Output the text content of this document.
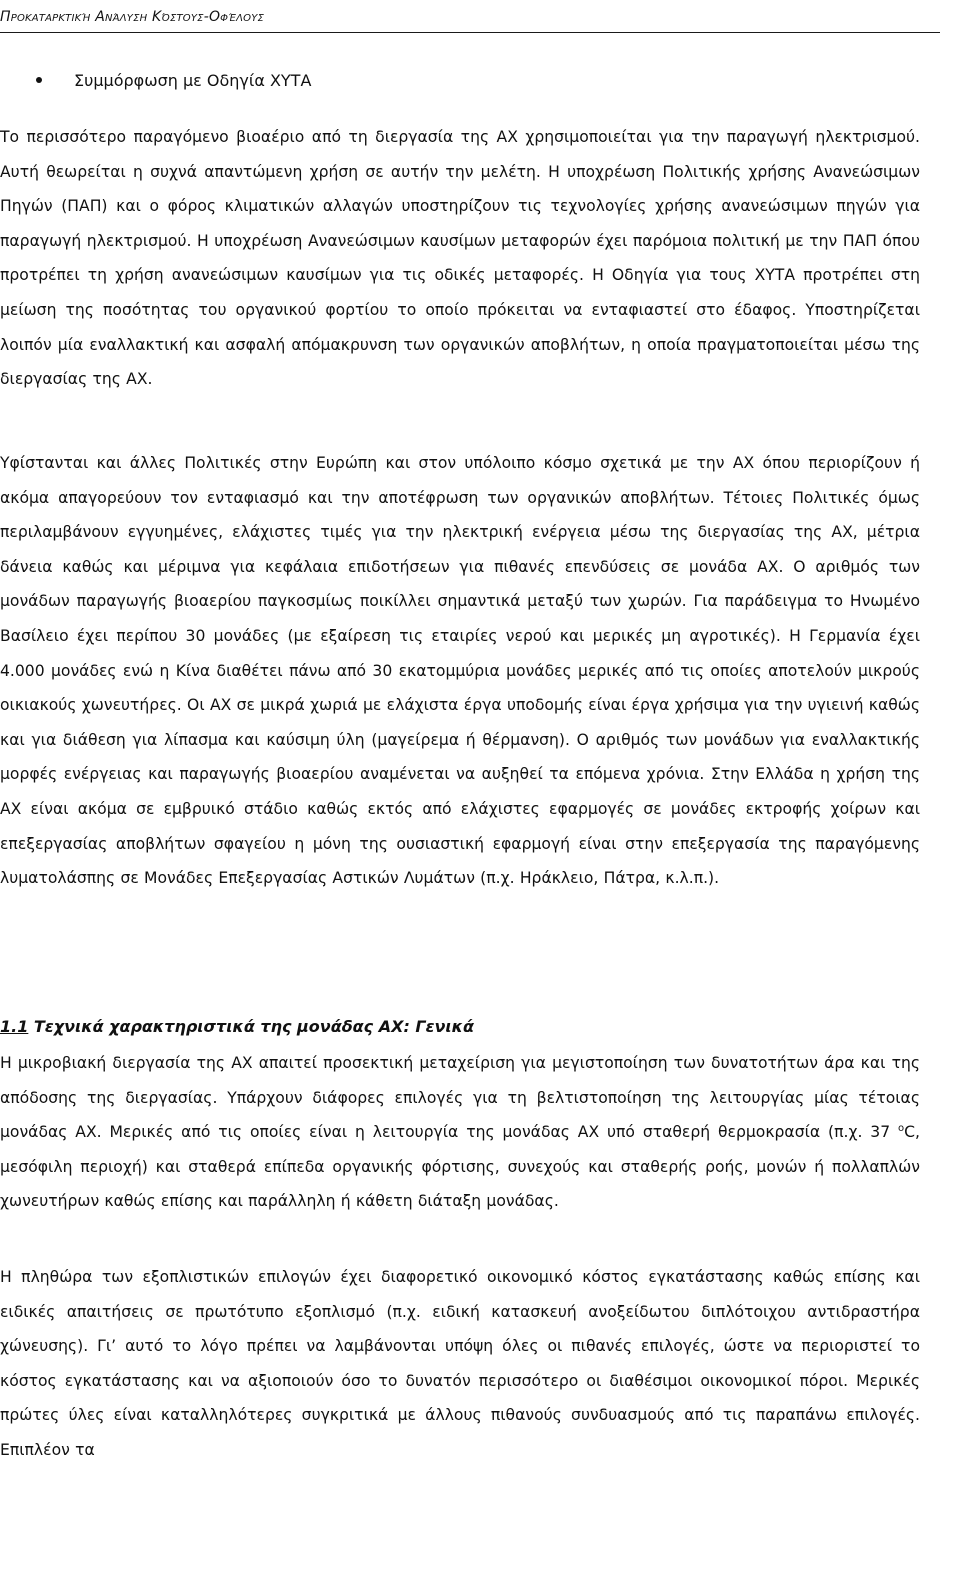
Προκαταρκτική Ανάλυση Κόστους-Οφέλους
Συμμόρφωση με Οδηγία ΧΥΤΑ

Το περισσότερο παραγόμενο βιοαέριο από τη διεργασία της ΑΧ χρησιμοποιείται για την παραγωγή ηλεκτρισμού. Αυτή θεωρείται η συχνά απαντώμενη χρήση σε αυτήν την μελέτη. Η υποχρέωση Πολιτικής χρήσης Ανανεώσιμων Πηγών (ΠΑΠ) και ο φόρος κλιματικών αλλαγών υποστηρίζουν τις τεχνολογίες χρήσης ανανεώσιμων πηγών για παραγωγή ηλεκτρισμού. Η υποχρέωση Ανανεώσιμων καυσίμων μεταφορών έχει παρόμοια πολιτική με την ΠΑΠ όπου προτρέπει τη χρήση ανανεώσιμων καυσίμων για τις οδικές μεταφορές. Η Οδηγία για τους ΧΥΤΑ προτρέπει στη μείωση της ποσότητας του οργανικού φορτίου το οποίο πρόκειται να ενταφιαστεί στο έδαφος. Υποστηρίζεται λοιπόν μία εναλλακτική και ασφαλή απόμακρυνση των οργανικών αποβλήτων, η οποία πραγματοποιείται μέσω της διεργασίας της ΑΧ.

Υφίστανται και άλλες Πολιτικές στην Ευρώπη και στον υπόλοιπο κόσμο σχετικά με την ΑΧ όπου περιορίζουν ή ακόμα απαγορεύουν τον ενταφιασμό και την αποτέφρωση των οργανικών αποβλήτων. Τέτοιες Πολιτικές όμως περιλαμβάνουν εγγυημένες, ελάχιστες τιμές για την ηλεκτρική ενέργεια μέσω της διεργασίας της ΑΧ, μέτρια δάνεια καθώς και μέριμνα για κεφάλαια επιδοτήσεων για πιθανές επενδύσεις σε μονάδα ΑΧ. Ο αριθμός των μονάδων παραγωγής βιοαερίου παγκοσμίως ποικίλλει σημαντικά μεταξύ των χωρών. Για παράδειγμα το Ηνωμένο Βασίλειο έχει περίπου 30 μονάδες (με εξαίρεση τις εταιρίες νερού και μερικές μη αγροτικές). Η Γερμανία έχει 4.000 μονάδες ενώ η Κίνα διαθέτει πάνω από 30 εκατομμύρια μονάδες μερικές από τις οποίες αποτελούν μικρούς οικιακούς χωνευτήρες. Οι ΑΧ σε μικρά χωριά με ελάχιστα έργα υποδομής είναι έργα χρήσιμα για την υγιεινή καθώς και για διάθεση για λίπασμα και καύσιμη ύλη (μαγείρεμα ή θέρμανση). Ο αριθμός των μονάδων για εναλλακτικής μορφές ενέργειας και παραγωγής βιοαερίου αναμένεται να αυξηθεί τα επόμενα χρόνια. Στην Ελλάδα η χρήση της ΑΧ είναι ακόμα σε εμβρυικό στάδιο καθώς εκτός από ελάχιστες εφαρμογές σε μονάδες εκτροφής χοίρων και επεξεργασίας αποβλήτων σφαγείου η μόνη της ουσιαστική εφαρμογή είναι στην επεξεργασία της παραγόμενης λυματολάσπης σε Μονάδες Επεξεργασίας Αστικών Λυμάτων (π.χ. Ηράκλειο, Πάτρα, κ.λ.π.).

1.1 Τεχνικά χαρακτηριστικά της μονάδας ΑΧ: Γενικά

Η μικροβιακή διεργασία της ΑΧ απαιτεί προσεκτική μεταχείριση για μεγιστοποίηση των δυνατοτήτων άρα και της απόδοσης της διεργασίας. Υπάρχουν διάφορες επιλογές για τη βελτιστοποίηση της λειτουργίας μίας τέτοιας μονάδας ΑΧ. Μερικές από τις οποίες είναι η λειτουργία της μονάδας ΑΧ υπό σταθερή θερμοκρασία (π.χ. 37 $^o$C, μεσόφιλη περιοχή) και σταθερά επίπεδα οργανικής φόρτισης, συνεχούς και σταθερής ροής, μονών ή πολλαπλών χωνευτήρων καθώς επίσης και παράλληλη ή κάθετη διάταξη μονάδας.

Η πληθώρα των εξοπλιστικών επιλογών έχει διαφορετικό οικονομικό κόστος εγκατάστασης καθώς επίσης και ειδικές απαιτήσεις σε πρωτότυπο εξοπλισμό (π.χ. ειδική κατασκευή ανοξείδωτου διπλότοιχου αντιδραστήρα χώνευσης). Γι’ αυτό το λόγο πρέπει να λαμβάνονται υπόψη όλες οι πιθανές επιλογές, ώστε να περιοριστεί το κόστος εγκατάστασης και να αξιοποιούν όσο το δυνατόν περισσότερο οι διαθέσιμοι οικονομικοί πόροι. Μερικές πρώτες ύλες είναι καταλληλότερες συγκριτικά με άλλους πιθανούς συνδυασμούς από τις παραπάνω επιλογές. Επιπλέον τα
